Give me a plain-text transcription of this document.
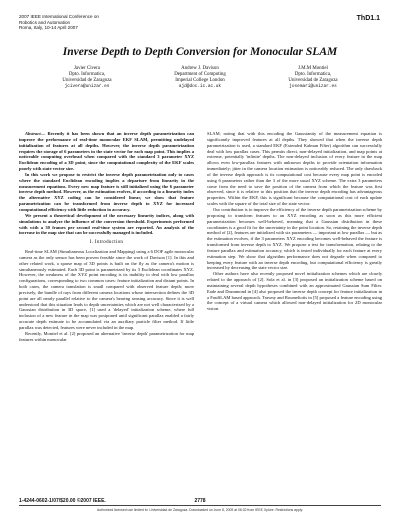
2007 IEEE International Conference on
Robotics and Automation
Roma, Italy, 10-14 April 2007
ThD1.1
Inverse Depth to Depth Conversion for Monocular SLAM
Javier Civera
Dpto. Informatica,
Universidad de Zaragoza
jcivera@unizar.es
Andrew J. Davison
Department of Computing
Imperial College London
ajd@doc.ic.ac.uk
J.M.M Montiel
Dpto. Informatica,
Universidad de Zaragoza
josemari@unizar.es

Abstract— Recently it has been shown that an inverse depth parametrization can improve the performance of real-time monocular EKF SLAM, permitting undelayed initialization of features at all depths. However, the inverse depth parametrization requires the storage of 6 parameters in the state vector for each map point. This implies a noticeable computing overhead when compared with the standard 3 parameter XYZ Euclidean encoding of a 3D point, since the computational complexity of the EKF scales poorly with state vector size.

In this work we propose to restrict the inverse depth parametrization only to cases where the standard Euclidean encoding implies a departure from linearity in the measurement equations. Every new map feature is still initialized using the 6 parameter inverse depth method. However, as the estimation evolves, if according to a linearity index the alternative XYZ coding can be considered linear, we show that feature parametrization can be transformed from inverse depth to XYZ for increased computational efficiency with little reduction in accuracy.

We present a theoretical development of the necessary linearity indices, along with simulations to analyze the influence of the conversion threshold. Experiments performed with with a 30 frames per second real-time system are reported. An analysis of the increase in the map size that can be successfully managed is included.

I. Introduction

Real-time SLAM (Simultaneous Localization and Mapping) using a 6 DOF agile monocular camera as the only sensor has been proven feasible since the work of Davison [1]. In this and other related work, a sparse map of 3D points is built on the fly as the camera's motion is simultaneously estimated. Each 3D point is parametrized by its 3 Euclidean coordinates XYZ. However, the weakness of the XYZ point encoding is its inability to deal with low parallax configurations, corresponding to two common cases: feature initialization and distant points. In both cases, the camera translation is small compared with observed feature depth; more precisely, the bundle of rays from different camera locations whose intersection defines the 3D point are all nearly parallel relative to the camera's bearing sensing accuracy. Since it is well understood that this situation leads to depth uncertainties which are not well characterized by a Gaussian distribution in 3D space, [1] used a 'delayed' initialization scheme, where full inclusion of a new feature in the map was postponed until significant parallax enabled a fairly accurate depth estimate to be accumulated via an auxiliary particle filter method. If little parallax was detected, features were never included in the map.

Recently, Montiel et al. [2] proposed an alternative 'inverse depth' parametrization for map features within monocular

SLAM, noting that with this encoding the Gaussianity of the measurement equation is significantly improved features at all depths. They showed that when the inverse depth parametrization is used, a standard EKF (Extended Kalman Filter) algorithm can successfully deal with low parallax cases. This permits direct, non-delayed initialization, and map points at extreme, potentially 'infinite' depths. The non-delayed inclusion of every feature in the map allows even low-parallax features with unknown depths to provide orientation information immediately; jitter in the camera location estimation is noticeably reduced. The only drawback of the inverse depth approach is its computational cost because every map point is encoded using 6 parameters rather than the 3 of the more usual XYZ scheme. The extra 3 parameters come from the need to save the position of the camera from which the feature was first observed, since it is relative to this position that the inverse depth encoding has advantageous properties. Within the EKF, this is significant because the computational cost of each update scales with the square of the total size of the state vector.

Our contribution is to improve the efficiency of the inverse depth parametrization scheme by proposing to transform features to an XYZ encoding as soon as this more efficient parametrization becomes well-behaved, meaning that a Gaussian distribution in these coordinates is a good fit for the uncertainty in the point location. So, retaining the inverse depth method of [2], features are initialized with six parameters — important at low parallax — but as the estimation evolves, if the 3 parameters XYZ encoding becomes well-behaved the feature is transformed from inverse depth to XYZ. We propose a test for transformation, relating to the feature parallax and estimation accuracy, which is tested individually for each feature at every estimation step. We show that algorithm performance does not degrade when compared to keeping every feature with an inverse depth encoding, but computational efficiency is greatly increased by decreasing the state vector size.

Other authors have also recently proposed novel initialization schemes which are closely related to the approach of [2]. Sola et al. in [3] proposed an initialization scheme based on maintaining several depth hypotheses combined with an approximated Gaussian Sum Filter. Eade and Drummond in [4] also proposed the inverse depth concept for feature initialization in a FastSLAM based approach. Trawny and Roumeliotis in [5] proposed a feature encoding using the concept of a virtual camera which allowed non-delayed initialization for 2D monocular vision.

1-4244-0602-1/07/$20.00 ©2007 IEEE.	2778
Authorized licensed use limited to: Universidad de Zaragoza. Downloaded on June 8, 2009 at 06:32 from IEEE Xplore. Restrictions apply.
